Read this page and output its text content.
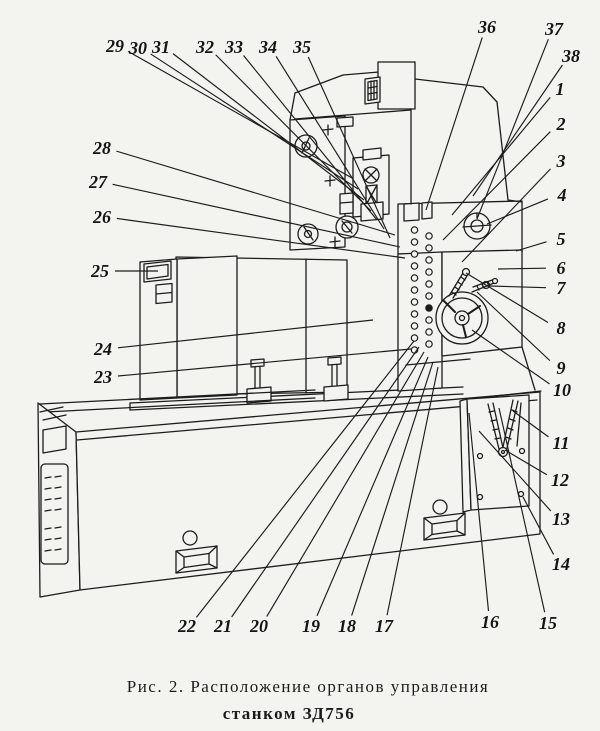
29 30 31 32 33 34 35
36	37
38
1
2
3
4
5
6
7
8
9
10
11
12
13
14
15
16
17
18
19
20
21
22
23
24
25
26
27
28
Рис. 2. Расположение органов управления
станком ЗД756
